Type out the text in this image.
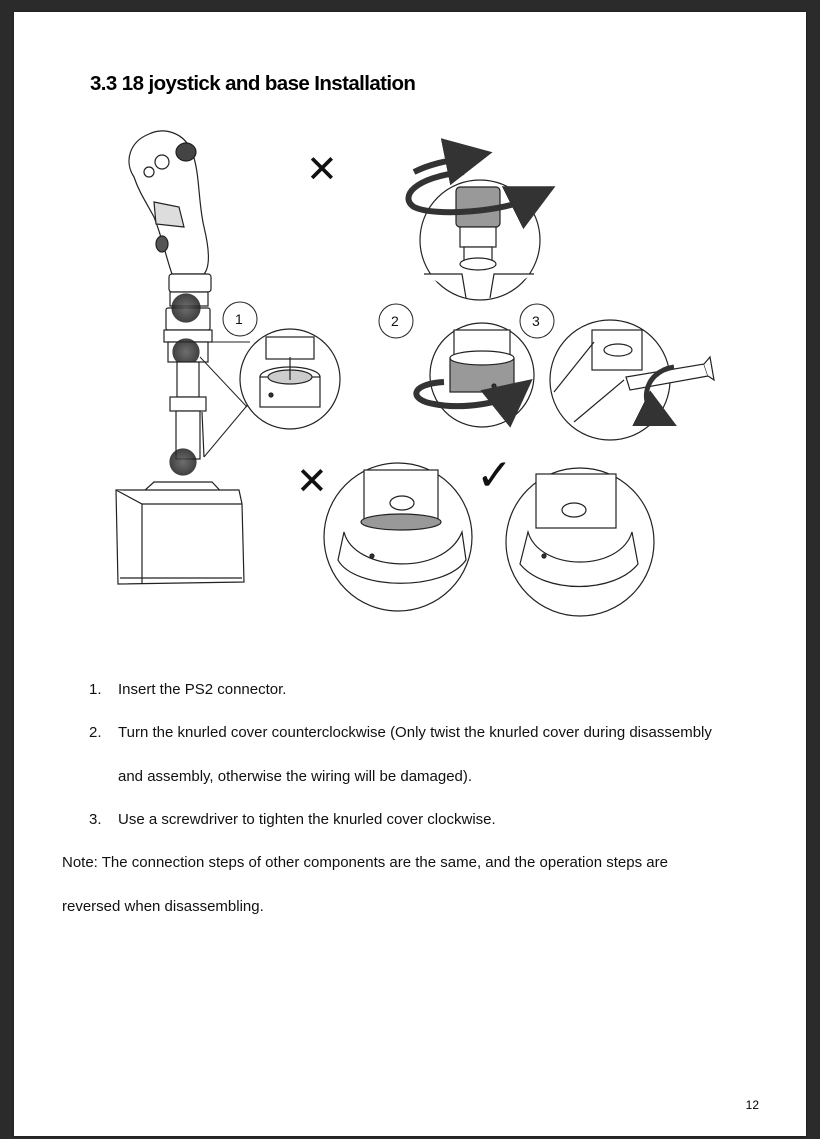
3.3 18 joystick and base Installation
✕
✕	✓
1	2	3
1. Insert the PS2 connector.
2. Turn the knurled cover counterclockwise (Only twist the knurled cover during disassembly
and assembly, otherwise the wiring will be damaged).
3. Use a screwdriver to tighten the knurled cover clockwise.
Note: The connection steps of other components are the same, and the operation steps are
reversed when disassembling.
12
